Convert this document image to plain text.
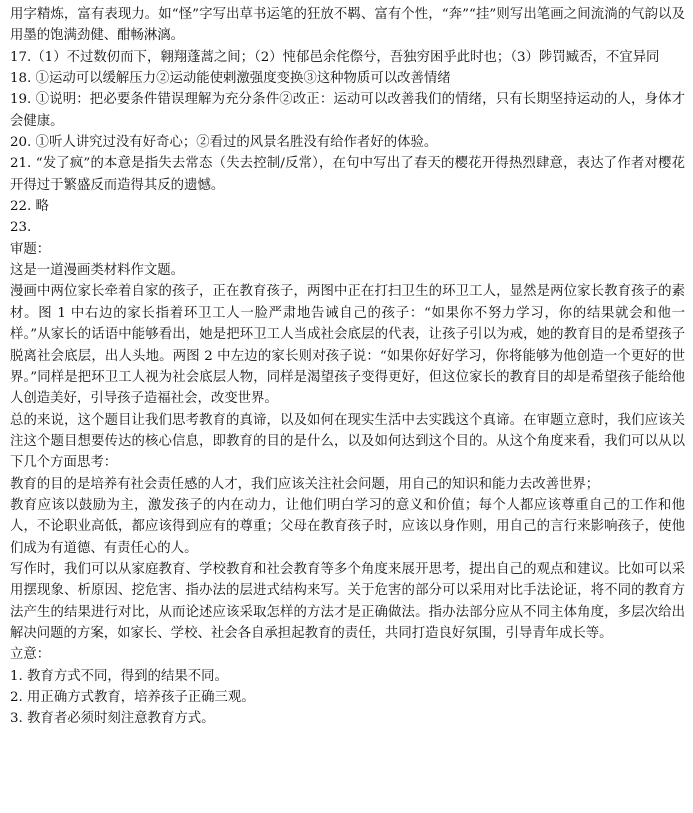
用字精炼，富有表现力。如“怪”字写出草书运笔的狂放不羁、富有个性，“奔”“挂”则写出笔画之间流淌的气韵以及用墨的饱满劲健、酣畅淋漓。

17.（1）不过数仞而下，翱翔蓬蒿之间；（2）忳郁邑余侘傺兮，吾独穷困乎此时也；（3）陟罚臧否，不宜异同

18. ①运动可以缓解压力②运动能使剌激强度变换③这种物质可以改善情绪

19. ①说明：把必要条件错误理解为充分条件②改正：运动可以改善我们的情绪，只有长期坚持运动的人，身体才会健康。

20. ①听人讲究过没有好奇心；②看过的风景名胜没有给作者好的体验。

21. “发了疯”的本意是指失去常态（失去控制/反常），在句中写出了春天的樱花开得热烈肆意，表达了作者对樱花开得过于繁盛反而造得其反的遗憾。

22. 略

23.

审题：

这是一道漫画类材料作文题。

漫画中两位家长牵着自家的孩子，正在教育孩子，两图中正在打扫卫生的环卫工人，显然是两位家长教育孩子的素材。图 1 中右边的家长指着环卫工人一脸严肃地告诫自己的孩子：“如果你不努力学习，你的结果就会和他一样。”从家长的话语中能够看出，她是把环卫工人当成社会底层的代表，让孩子引以为戒，她的教育目的是希望孩子脱离社会底层，出人头地。两图 2 中左边的家长则对孩子说：“如果你好好学习，你将能够为他创造一个更好的世界。”同样是把环卫工人视为社会底层人物，同样是渴望孩子变得更好，但这位家长的教育目的却是希望孩子能给他人创造美好，引导孩子造福社会，改变世界。

总的来说，这个题目让我们思考教育的真谛，以及如何在现实生活中去实践这个真谛。在审题立意时，我们应该关注这个题目想要传达的核心信息，即教育的目的是什么，以及如何达到这个目的。从这个角度来看，我们可以从以下几个方面思考：

教育的目的是培养有社会责任感的人才，我们应该关注社会问题，用自己的知识和能力去改善世界；

教育应该以鼓励为主，激发孩子的内在动力，让他们明白学习的意义和价值；每个人都应该尊重自己的工作和他人，不论职业高低，都应该得到应有的尊重；父母在教育孩子时，应该以身作则，用自己的言行来影响孩子，使他们成为有道德、有责任心的人。

写作时，我们可以从家庭教育、学校教育和社会教育等多个角度来展开思考，提出自己的观点和建议。比如可以采用摆现象、析原因、挖危害、指办法的层进式结构来写。关于危害的部分可以采用对比手法论证，将不同的教育方法产生的结果进行对比，从而论述应该采取怎样的方法才是正确做法。指办法部分应从不同主体角度，多层次给出解决问题的方案，如家长、学校、社会各自承担起教育的责任，共同打造良好氛围，引导青年成长等。

立意：

1. 教育方式不同，得到的结果不同。

2. 用正确方式教育，培养孩子正确三观。

3. 教育者必须时刻注意教育方式。
